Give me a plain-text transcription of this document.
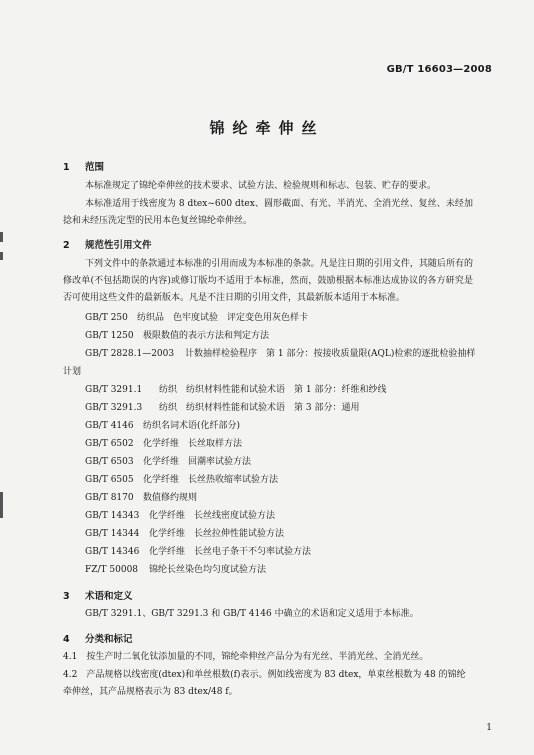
GB/T 16603—2008
锦纶牵伸丝
1 范围
本标准规定了锦纶牵伸丝的技术要求、试验方法、检验规则和标志、包装、贮存的要求。
本标准适用于线密度为 8 dtex~600 dtex、圆形截面、有光、半消光、全消光丝、复丝、未经加捻和未经压洗定型的民用本色复丝锦纶牵伸丝。
2 规范性引用文件
下列文件中的条款通过本标准的引用而成为本标准的条款。凡是注日期的引用文件，其随后所有的修改单(不包括勘误的内容)或修订版均不适用于本标准，然而，鼓励根据本标准达成协议的各方研究是否可使用这些文件的最新版本。凡是不注日期的引用文件，其最新版本适用于本标准。
GB/T 250 纺织品　色牢度试验　评定变色用灰色样卡
GB/T 1250 极限数值的表示方法和判定方法
GB/T 2828.1—2003 计数抽样检验程序　第 1 部分：按接收质量限(AQL)检索的逐批检验抽样
计划
GB/T 3291.1 纺织　纺织材料性能和试验术语　第 1 部分：纤维和纱线
GB/T 3291.3 纺织　纺织材料性能和试验术语　第 3 部分：通用
GB/T 4146 纺织名词术语(化纤部分)
GB/T 6502 化学纤维　长丝取样方法
GB/T 6503 化学纤维　回潮率试验方法
GB/T 6505 化学纤维　长丝热收缩率试验方法
GB/T 8170 数值修约规则
GB/T 14343 化学纤维　长丝线密度试验方法
GB/T 14344 化学纤维　长丝拉伸性能试验方法
GB/T 14346 化学纤维　长丝电子条干不匀率试验方法
FZ/T 50008 锦纶长丝染色均匀度试验方法
3 术语和定义
GB/T 3291.1、GB/T 3291.3 和 GB/T 4146 中确立的术语和定义适用于本标准。
4 分类和标记
4.1　按生产时二氧化钛添加量的不同，锦纶牵伸丝产品分为有光丝、半消光丝、全消光丝。
4.2　产品规格以线密度(dtex)和单丝根数(f)表示。例如线密度为 83 dtex，单束丝根数为 48 的锦纶牵伸丝，其产品规格表示为 83 dtex/48 f。
1
